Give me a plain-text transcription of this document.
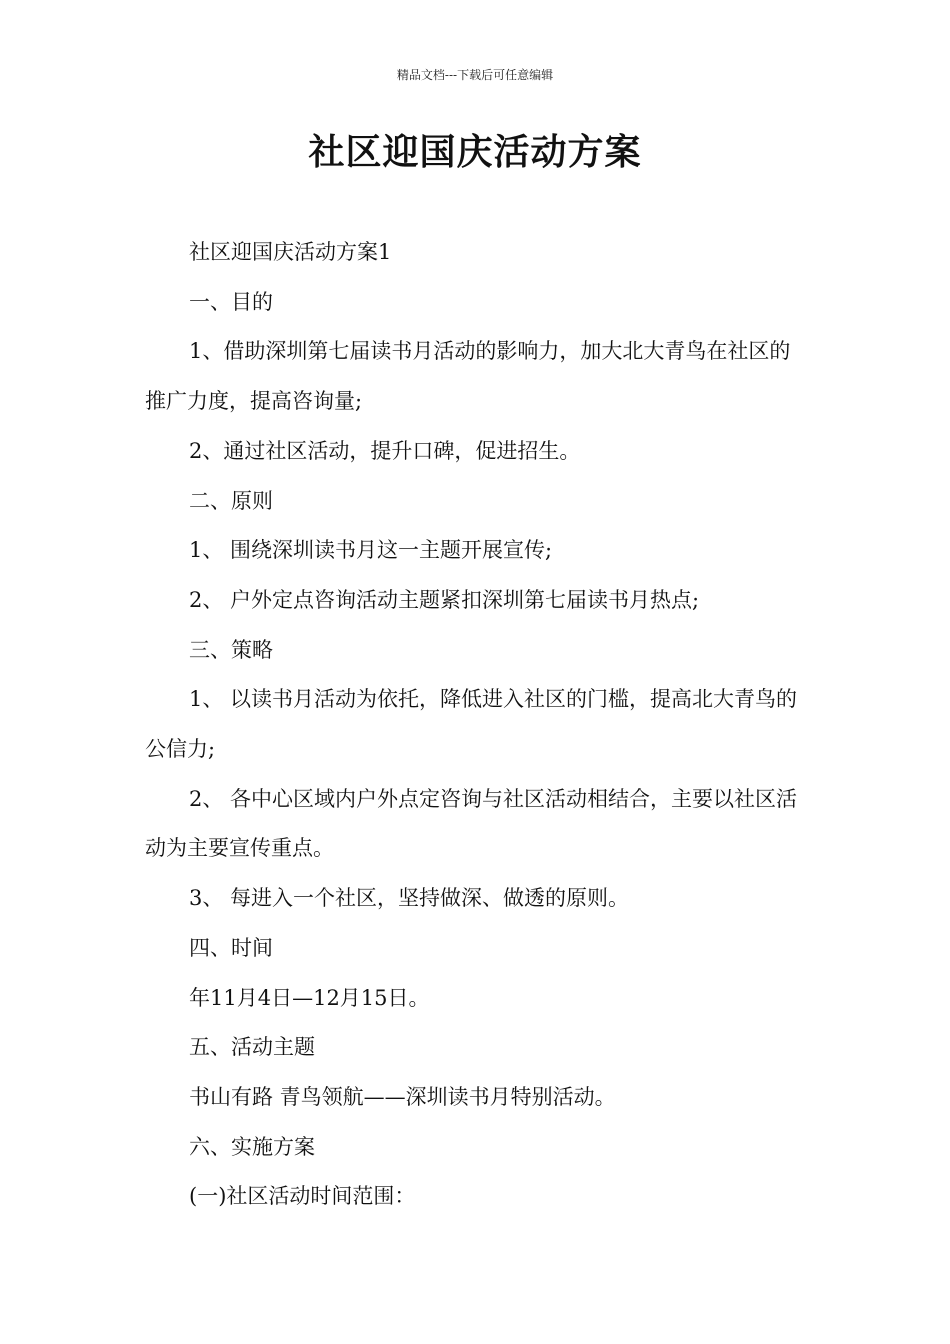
精品文档---下载后可任意编辑
社区迎国庆活动方案

社区迎国庆活动方案1

一、目的

1、借助深圳第七届读书月活动的影响力，加大北大青鸟在社区的推广力度，提高咨询量;

2、通过社区活动，提升口碑，促进招生。

二、原则

1、 围绕深圳读书月这一主题开展宣传;

2、 户外定点咨询活动主题紧扣深圳第七届读书月热点;

三、策略

1、 以读书月活动为依托，降低进入社区的门槛，提高北大青鸟的公信力;

2、 各中心区域内户外点定咨询与社区活动相结合，主要以社区活动为主要宣传重点。

3、 每进入一个社区，坚持做深、做透的原则。

四、时间

年11月4日—12月15日。

五、活动主题

书山有路 青鸟领航——深圳读书月特别活动。

六、实施方案

(一)社区活动时间范围：
